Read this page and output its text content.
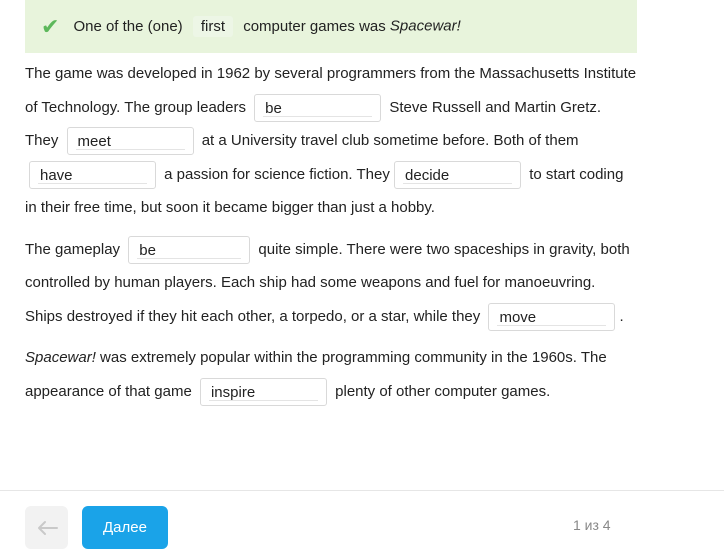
✔ One of the (one) first computer games was Spacewar!

The game was developed in 1962 by several programmers from the Massachusetts Institute of Technology. The group leaders be	Steve Russell and Martin Gretz. They meet	at a University travel club sometime before. Both of them have	a passion for science fiction. They decide	to start coding in their free time, but soon it became bigger than just a hobby.

The gameplay be	quite simple. There were two spaceships in gravity, both controlled by human players. Each ship had some weapons and fuel for manoeuvring. Ships destroyed if they hit each other, a torpedo, or a star, while they move	.

Spacewar! was extremely popular within the programming community in the 1960s. The appearance of that game inspire	plenty of other computer games.

Далее	1 из 4
